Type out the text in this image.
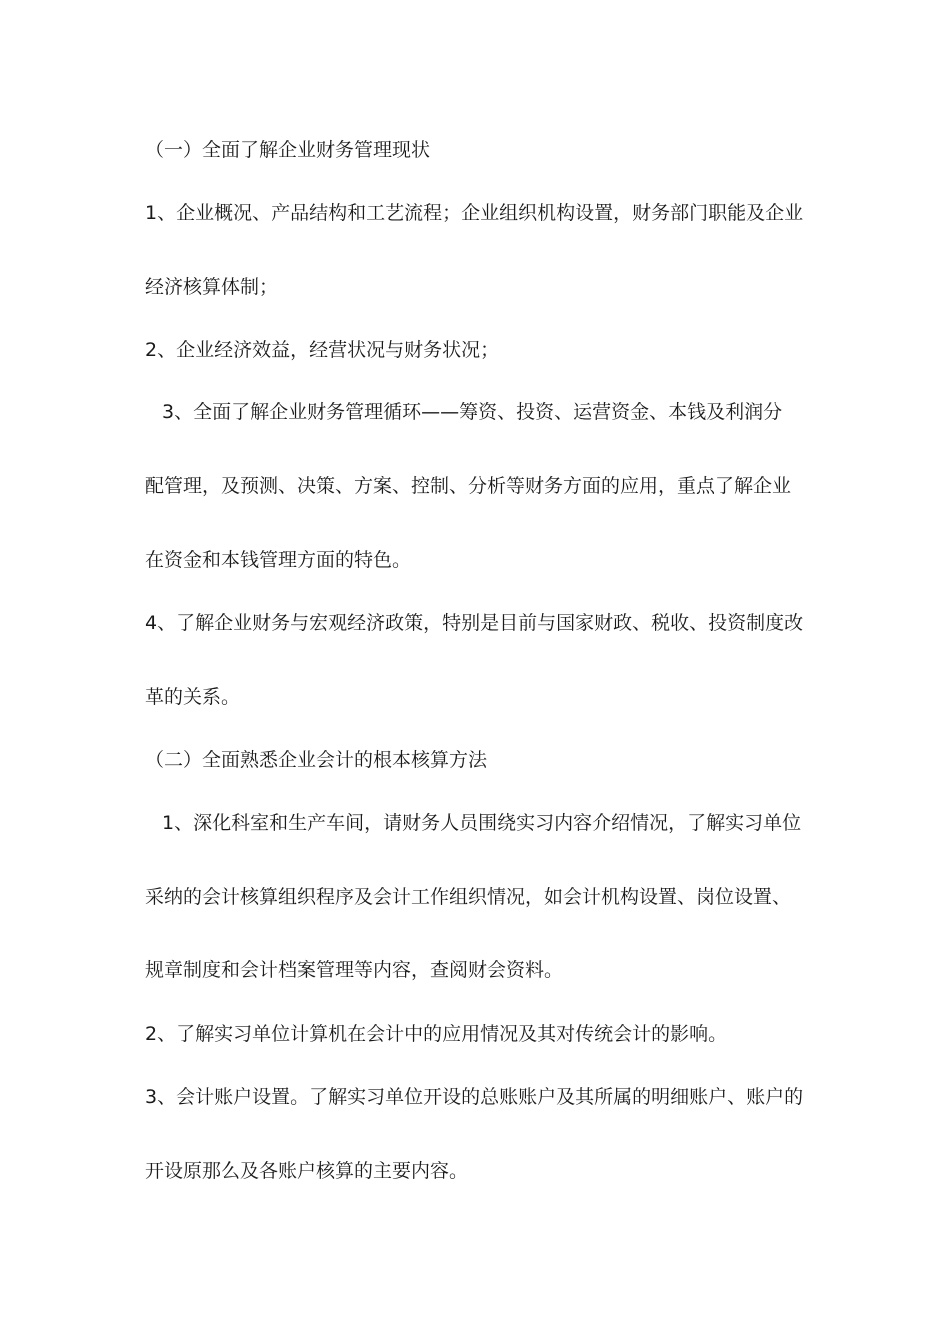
（一）全面了解企业财务管理现状
1、企业概况、产品结构和工艺流程；企业组织机构设置，财务部门职能及企业
经济核算体制；
2、企业经济效益，经营状况与财务状况；
3、全面了解企业财务管理循环——筹资、投资、运营资金、本钱及利润分
配管理，及预测、决策、方案、控制、分析等财务方面的应用，重点了解企业
在资金和本钱管理方面的特色。
4、了解企业财务与宏观经济政策，特别是目前与国家财政、税收、投资制度改
革的关系。
（二）全面熟悉企业会计的根本核算方法
1、深化科室和生产车间，请财务人员围绕实习内容介绍情况，了解实习单位
采纳的会计核算组织程序及会计工作组织情况，如会计机构设置、岗位设置、
规章制度和会计档案管理等内容，查阅财会资料。
2、了解实习单位计算机在会计中的应用情况及其对传统会计的影响。
3、会计账户设置。了解实习单位开设的总账账户及其所属的明细账户、账户的
开设原那么及各账户核算的主要内容。
